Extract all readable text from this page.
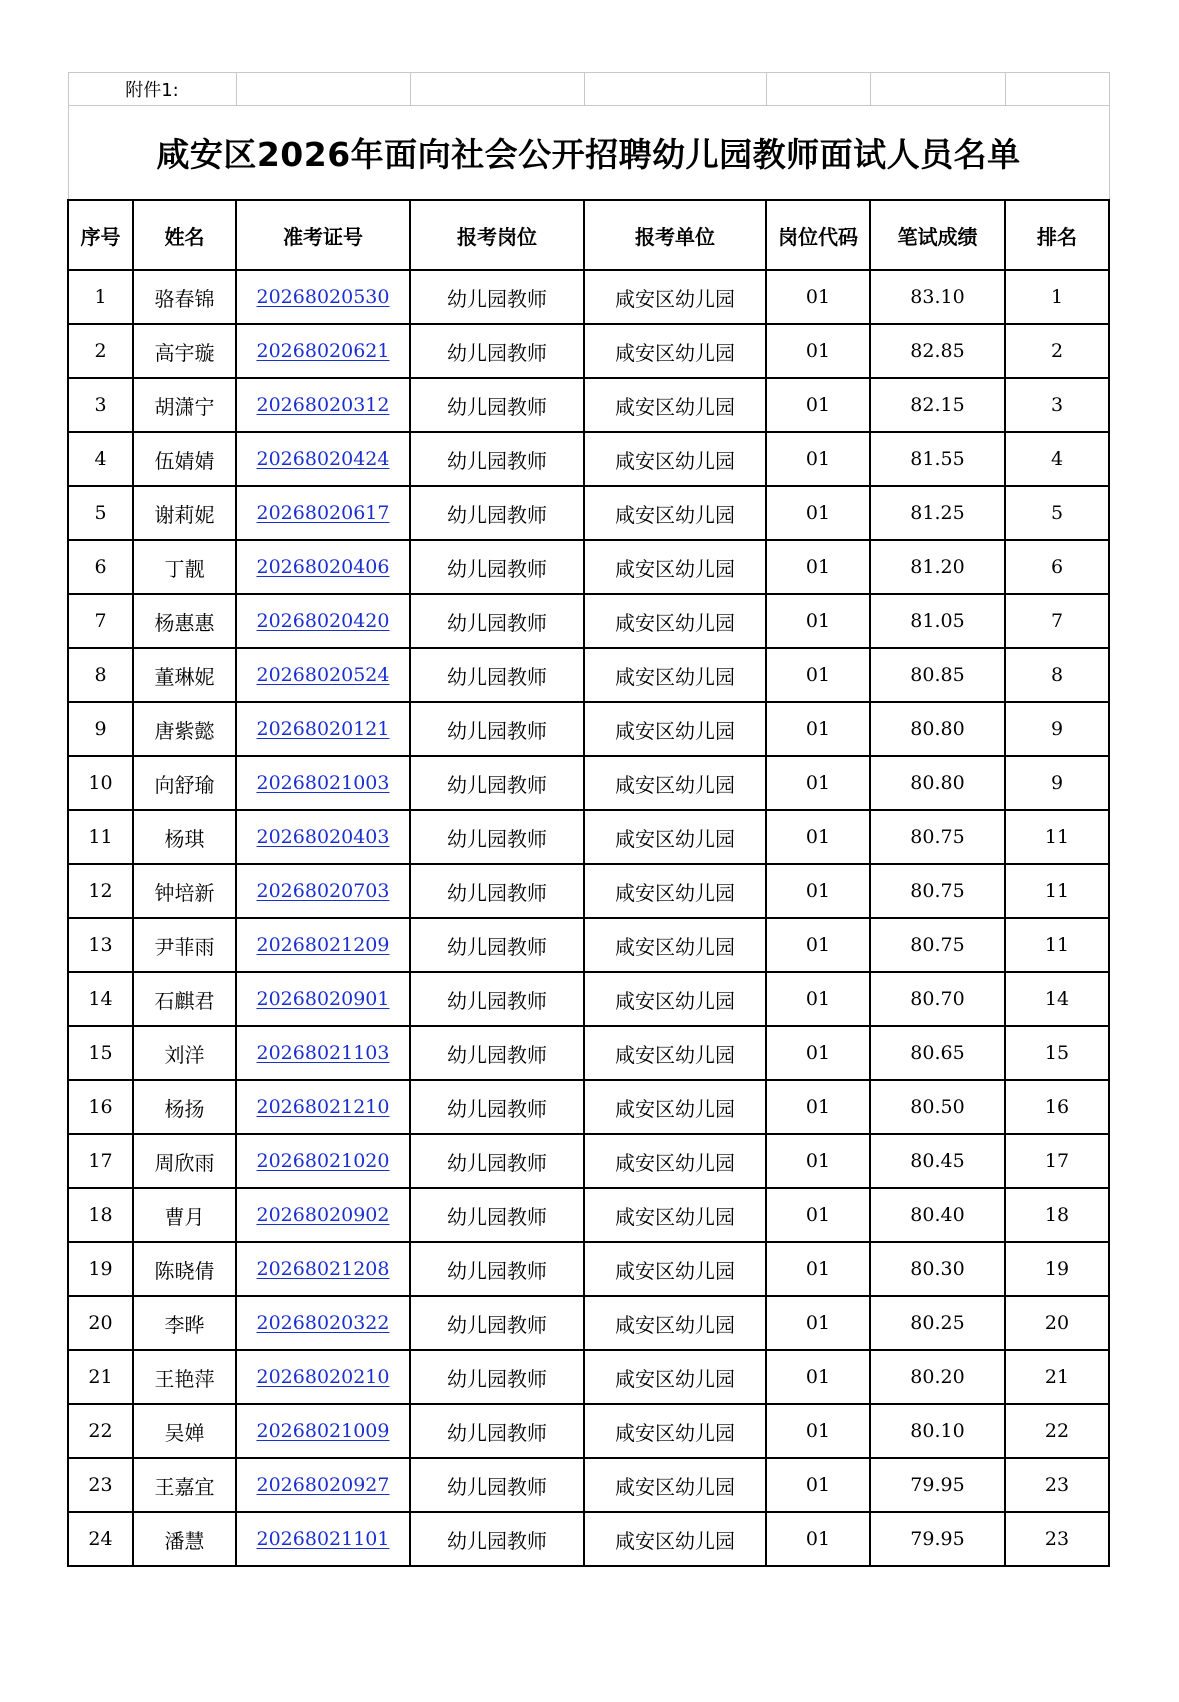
附件1:							
咸安区2026年面向社会公开招聘幼儿园教师面试人员名单							
序号	姓名	准考证号	报考岗位	报考单位	岗位代码	笔试成绩	排名
1	骆春锦	20268020530	幼儿园教师	咸安区幼儿园	01	83.10	1
2	高宇璇	20268020621	幼儿园教师	咸安区幼儿园	01	82.85	2
3	胡潇宁	20268020312	幼儿园教师	咸安区幼儿园	01	82.15	3
4	伍婧婧	20268020424	幼儿园教师	咸安区幼儿园	01	81.55	4
5	谢莉妮	20268020617	幼儿园教师	咸安区幼儿园	01	81.25	5
6	丁靓	20268020406	幼儿园教师	咸安区幼儿园	01	81.20	6
7	杨惠惠	20268020420	幼儿园教师	咸安区幼儿园	01	81.05	7
8	董琳妮	20268020524	幼儿园教师	咸安区幼儿园	01	80.85	8
9	唐紫懿	20268020121	幼儿园教师	咸安区幼儿园	01	80.80	9
10	向舒瑜	20268021003	幼儿园教师	咸安区幼儿园	01	80.80	9
11	杨琪	20268020403	幼儿园教师	咸安区幼儿园	01	80.75	11
12	钟培新	20268020703	幼儿园教师	咸安区幼儿园	01	80.75	11
13	尹菲雨	20268021209	幼儿园教师	咸安区幼儿园	01	80.75	11
14	石麒君	20268020901	幼儿园教师	咸安区幼儿园	01	80.70	14
15	刘洋	20268021103	幼儿园教师	咸安区幼儿园	01	80.65	15
16	杨扬	20268021210	幼儿园教师	咸安区幼儿园	01	80.50	16
17	周欣雨	20268021020	幼儿园教师	咸安区幼儿园	01	80.45	17
18	曹月	20268020902	幼儿园教师	咸安区幼儿园	01	80.40	18
19	陈晓倩	20268021208	幼儿园教师	咸安区幼儿园	01	80.30	19
20	李晔	20268020322	幼儿园教师	咸安区幼儿园	01	80.25	20
21	王艳萍	20268020210	幼儿园教师	咸安区幼儿园	01	80.20	21
22	吴婵	20268021009	幼儿园教师	咸安区幼儿园	01	80.10	22
23	王嘉宜	20268020927	幼儿园教师	咸安区幼儿园	01	79.95	23
24	潘慧	20268021101	幼儿园教师	咸安区幼儿园	01	79.95	23
